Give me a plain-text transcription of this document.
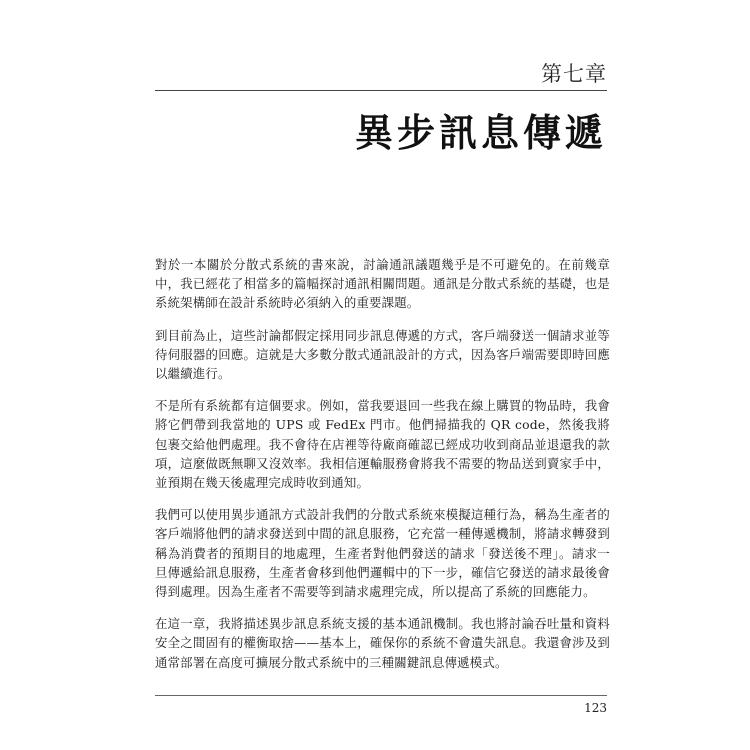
第七章
異步訊息傳遞

對於一本關於分散式系統的書來說，討論通訊議題幾乎是不可避免的。在前幾章中，我已經花了相當多的篇幅探討通訊相關問題。通訊是分散式系統的基礎，也是系統架構師在設計系統時必須納入的重要課題。

到目前為止，這些討論都假定採用同步訊息傳遞的方式，客戶端發送一個請求並等待伺服器的回應。這就是大多數分散式通訊設計的方式，因為客戶端需要即時回應以繼續進行。

不是所有系統都有這個要求。例如，當我要退回一些我在線上購買的物品時，我會將它們帶到我當地的 UPS 或 FedEx 門市。他們掃描我的 QR code，然後我將包裹交給他們處理。我不會待在店裡等待廠商確認已經成功收到商品並退還我的款項，這麼做既無聊又沒效率。我相信運輸服務會將我不需要的物品送到賣家手中，並預期在幾天後處理完成時收到通知。

我們可以使用異步通訊方式設計我們的分散式系統來模擬這種行為，稱為生產者的客戶端將他們的請求發送到中間的訊息服務，它充當一種傳遞機制，將請求轉發到稱為消費者的預期目的地處理，生產者對他們發送的請求「發送後不理」。請求一旦傳遞給訊息服務，生產者會移到他們邏輯中的下一步，確信它發送的請求最後會得到處理。因為生產者不需要等到請求處理完成，所以提高了系統的回應能力。

在這一章，我將描述異步訊息系統支援的基本通訊機制。我也將討論吞吐量和資料安全之間固有的權衡取捨——基本上，確保你的系統不會遺失訊息。我還會涉及到通常部署在高度可擴展分散式系統中的三種關鍵訊息傳遞模式。

123
